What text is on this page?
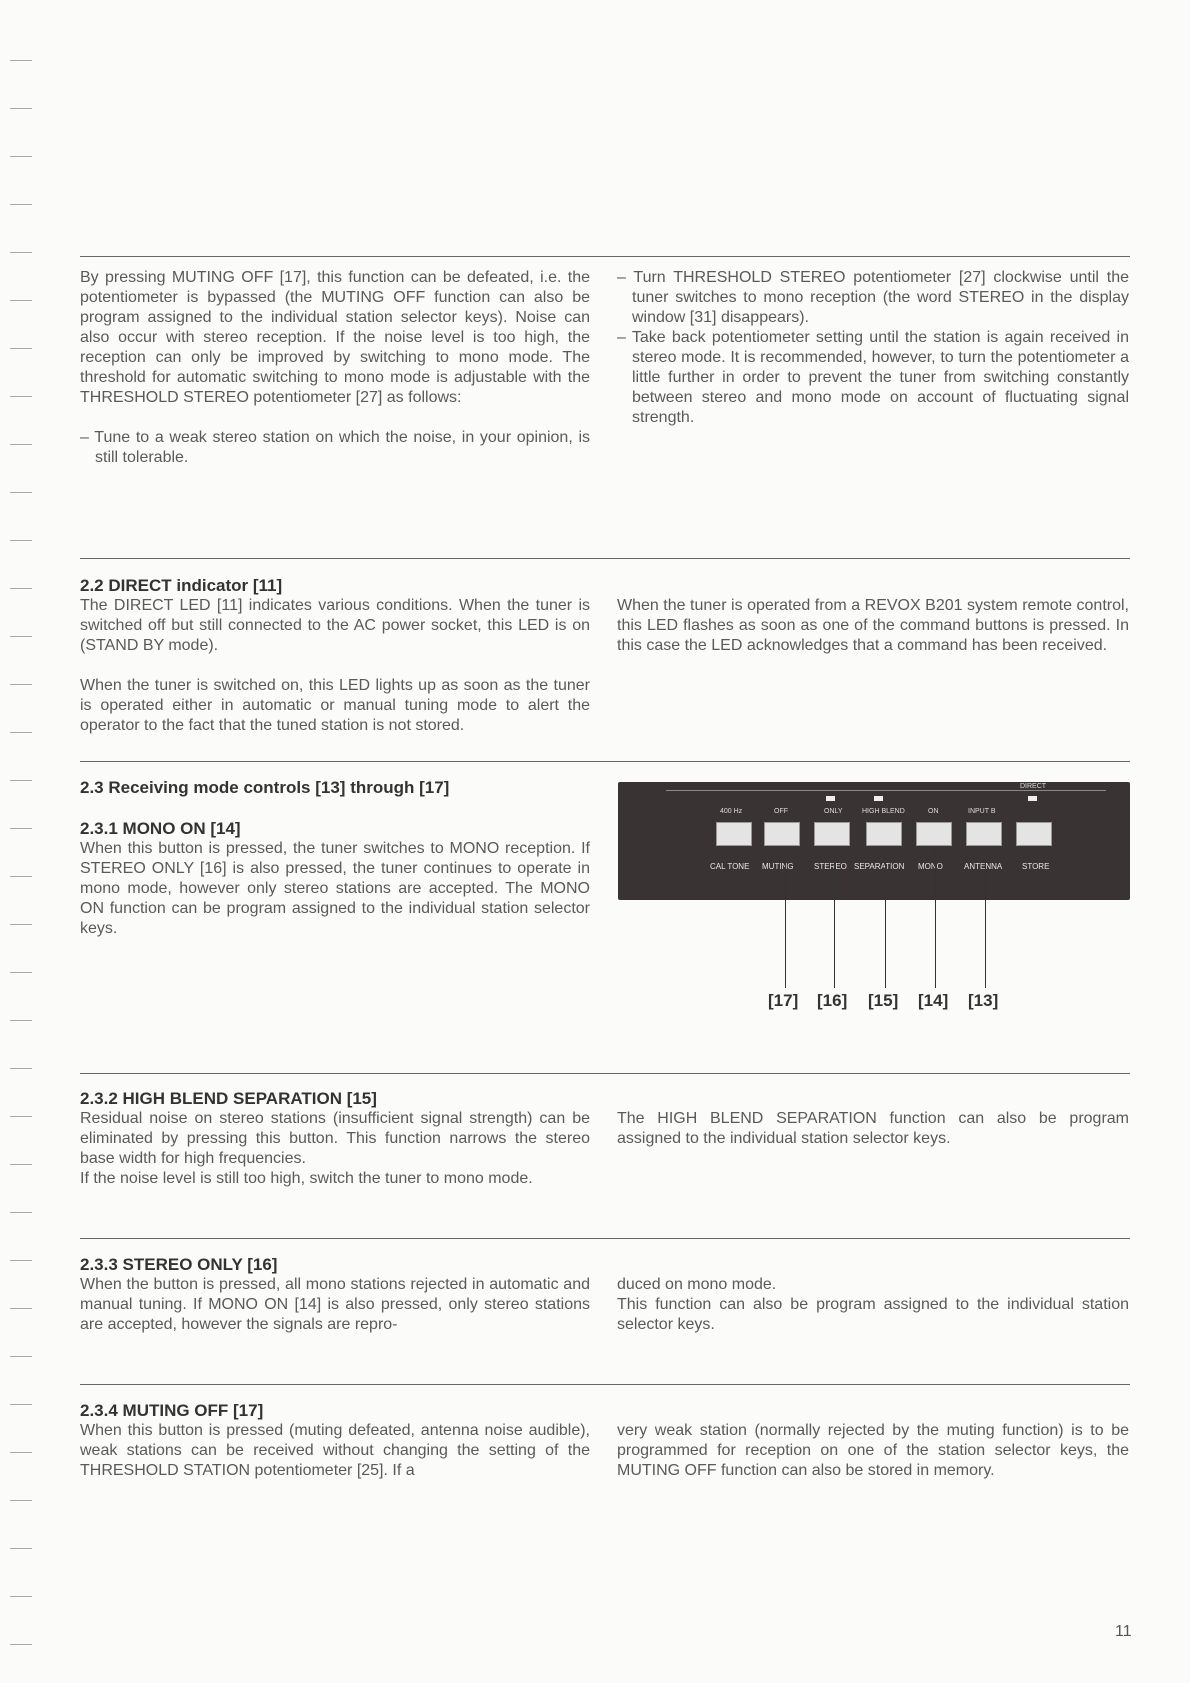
By pressing MUTING OFF [17], this function can be defeated, i.e. the potentiometer is bypassed (the MUTING OFF function can also be program assigned to the individual station selector keys). Noise can also occur with stereo reception. If the noise level is too high, the reception can only be improved by switching to mono mode. The threshold for automatic switching to mono mode is adjustable with the THRESHOLD STEREO potentiometer [27] as follows:

– Tune to a weak stereo station on which the noise, in your opinion, is still tolerable.

– Turn THRESHOLD STEREO potentiometer [27] clockwise until the tuner switches to mono reception (the word STEREO in the display window [31] disappears).

– Take back potentiometer setting until the station is again received in stereo mode. It is recommended, however, to turn the potentiometer a little further in order to prevent the tuner from switching constantly between stereo and mono mode on account of fluctuating signal strength.

2.2 DIRECT indicator [11]

The DIRECT LED [11] indicates various conditions. When the tuner is switched off but still connected to the AC power socket, this LED is on (STAND BY mode).

When the tuner is switched on, this LED lights up as soon as the tuner is operated either in automatic or manual tuning mode to alert the operator to the fact that the tuned station is not stored.

When the tuner is operated from a REVOX B201 system remote control, this LED flashes as soon as one of the command buttons is pressed. In this case the LED acknowledges that a command has been received.

2.3 Receiving mode controls [13] through [17]

2.3.1 MONO ON [14]

When this button is pressed, the tuner switches to MONO reception. If STEREO ONLY [16] is also pressed, the tuner continues to operate in mono mode, however only stereo stations are accepted. The MONO ON function can be program assigned to the individual station selector keys.

DIRECT
400 Hz	OFF	ONLY	HIGH BLEND	ON	INPUT B
CAL TONE MUTING	STEREO SEPARATION MONO	ANTENNA STORE
[17] [16] [15] [14] [13]

2.3.2 HIGH BLEND SEPARATION [15]

Residual noise on stereo stations (insufficient signal strength) can be eliminated by pressing this button. This function narrows the stereo base width for high frequencies.

If the noise level is still too high, switch the tuner to mono mode.

The HIGH BLEND SEPARATION function can also be program assigned to the individual station selector keys.

2.3.3 STEREO ONLY [16]

When the button is pressed, all mono stations rejected in automatic and manual tuning. If MONO ON [14] is also pressed, only stereo stations are accepted, however the signals are repro-

duced on mono mode.

This function can also be program assigned to the individual station selector keys.

2.3.4 MUTING OFF [17]

When this button is pressed (muting defeated, antenna noise audible), weak stations can be received without changing the setting of the THRESHOLD STATION potentiometer [25]. If a

very weak station (normally rejected by the muting function) is to be programmed for reception on one of the station selector keys, the MUTING OFF function can also be stored in memory.

11
